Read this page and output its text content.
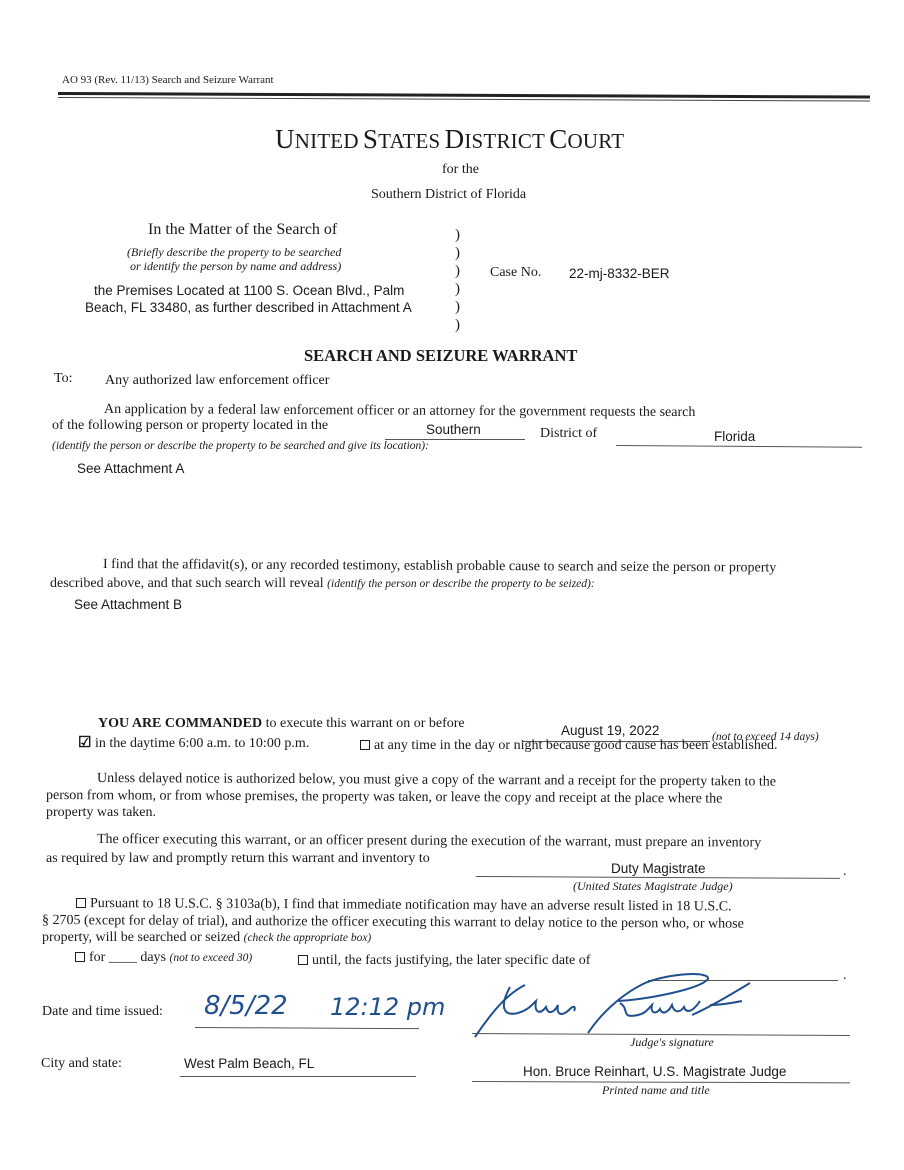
AO 93 (Rev. 11/13) Search and Seizure Warrant
UNITED STATES DISTRICT COURT
for the
Southern District of Florida
In the Matter of the Search of
(Briefly describe the property to be searched
or identify the person by name and address)
the Premises Located at 1100 S. Ocean Blvd., Palm
Beach, FL 33480, as further described in Attachment A
)
)
)
)
)
)
Case No. 22-mj-8332-BER
SEARCH AND SEIZURE WARRANT
To: Any authorized law enforcement officer
An application by a federal law enforcement officer or an attorney for the government requests the search
of the following person or property located in the	Southern	District of	Florida
(identify the person or describe the property to be searched and give its location):
See Attachment A
I find that the affidavit(s), or any recorded testimony, establish probable cause to search and seize the person or property
described above, and that such search will reveal (identify the person or describe the property to be seized):
See Attachment B
YOU ARE COMMANDED to execute this warrant on or before	August 19, 2022	(not to exceed 14 days)
☑ in the daytime 6:00 a.m. to 10:00 p.m.	at any time in the day or night because good cause has been established.
Unless delayed notice is authorized below, you must give a copy of the warrant and a receipt for the property taken to the
person from whom, or from whose premises, the property was taken, or leave the copy and receipt at the place where the
property was taken.
The officer executing this warrant, or an officer present during the execution of the warrant, must prepare an inventory
as required by law and promptly return this warrant and inventory to
Duty Magistrate	.
(United States Magistrate Judge)
Pursuant to 18 U.S.C. § 3103a(b), I find that immediate notification may have an adverse result listed in 18 U.S.C.
§ 2705 (except for delay of trial), and authorize the officer executing this warrant to delay notice to the person who, or whose
property, will be searched or seized (check the appropriate box)
for ____ days (not to exceed 30)	until, the facts justifying, the later specific date of
.
Date and time issued: 8/5/22 12:12 pm
Judge's signature
City and state:	West Palm Beach, FL
Hon. Bruce Reinhart, U.S. Magistrate Judge
Printed name and title
